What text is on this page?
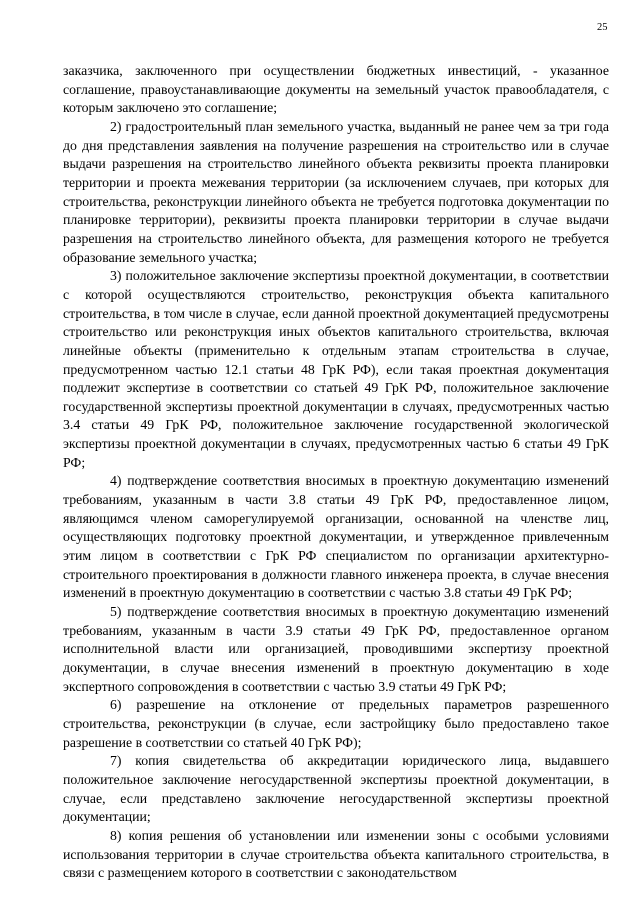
25

заказчика, заключенного при осуществлении бюджетных инвестиций, - указанное соглашение, правоустанавливающие документы на земельный участок правообладателя, с которым заключено это соглашение;

2) градостроительный план земельного участка, выданный не ранее чем за три года до дня представления заявления на получение разрешения на строительство или в случае выдачи разрешения на строительство линейного объекта реквизиты проекта планировки территории и проекта межевания территории (за исключением случаев, при которых для строительства, реконструкции линейного объекта не требуется подготовка документации по планировке территории), реквизиты проекта планировки территории в случае выдачи разрешения на строительство линейного объекта, для размещения которого не требуется образование земельного участка;

3) положительное заключение экспертизы проектной документации, в соответствии с которой осуществляются строительство, реконструкция объекта капитального строительства, в том числе в случае, если данной проектной документацией предусмотрены строительство или реконструкция иных объектов капитального строительства, включая линейные объекты (применительно к отдельным этапам строительства в случае, предусмотренном частью 12.1 статьи 48 ГрК РФ), если такая проектная документация подлежит экспертизе в соответствии со статьей 49 ГрК РФ, положительное заключение государственной экспертизы проектной документации в случаях, предусмотренных частью 3.4 статьи 49 ГрК РФ, положительное заключение государственной экологической экспертизы проектной документации в случаях, предусмотренных частью 6 статьи 49 ГрК РФ;

4) подтверждение соответствия вносимых в проектную документацию изменений требованиям, указанным в части 3.8 статьи 49 ГрК РФ, предоставленное лицом, являющимся членом саморегулируемой организации, основанной на членстве лиц, осуществляющих подготовку проектной документации, и утвержденное привлеченным этим лицом в соответствии с ГрК РФ специалистом по организации архитектурно-строительного проектирования в должности главного инженера проекта, в случае внесения изменений в проектную документацию в соответствии с частью 3.8 статьи 49 ГрК РФ;

5) подтверждение соответствия вносимых в проектную документацию изменений требованиям, указанным в части 3.9 статьи 49 ГрК РФ, предоставленное органом исполнительной власти или организацией, проводившими экспертизу проектной документации, в случае внесения изменений в проектную документацию в ходе экспертного сопровождения в соответствии с частью 3.9 статьи 49 ГрК РФ;

6) разрешение на отклонение от предельных параметров разрешенного строительства, реконструкции (в случае, если застройщику было предоставлено такое разрешение в соответствии со статьей 40 ГрК РФ);

7) копия свидетельства об аккредитации юридического лица, выдавшего положительное заключение негосударственной экспертизы проектной документации, в случае, если представлено заключение негосударственной экспертизы проектной документации;

8) копия решения об установлении или изменении зоны с особыми условиями использования территории в случае строительства объекта капитального строительства, в связи с размещением которого в соответствии с законодательством
